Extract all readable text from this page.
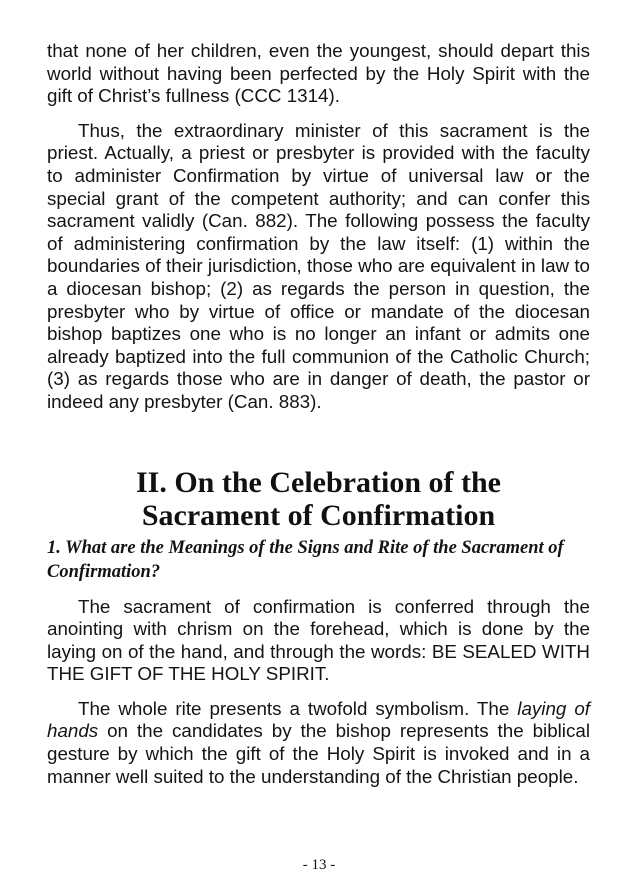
that none of her children, even the youngest, should depart this world without having been perfected by the Holy Spirit with the gift of Christ’s fullness (CCC 1314).

Thus, the extraordinary minister of this sacrament is the priest. Actually, a priest or presbyter is provided with the faculty to administer Confirmation by virtue of universal law or the special grant of the competent authority; and can confer this sacrament validly (Can. 882). The following possess the faculty of administering confirmation by the law itself: (1) within the boundaries of their jurisdiction, those who are equivalent in law to a diocesan bishop; (2) as regards the person in question, the presbyter who by virtue of office or mandate of the diocesan bishop baptizes one who is no longer an infant or admits one already baptized into the full communion of the Catholic Church; (3) as regards those who are in danger of death, the pastor or indeed any presbyter (Can. 883).

II. On the Celebration of the
Sacrament of Confirmation
1. What are the Meanings of the Signs and Rite of the Sacrament of Confirmation?

The sacrament of confirmation is conferred through the anointing with chrism on the forehead, which is done by the laying on of the hand, and through the words: BE SEALED WITH THE GIFT OF THE HOLY SPIRIT.

The whole rite presents a twofold symbolism. The laying of hands on the candidates by the bishop represents the biblical gesture by which the gift of the Holy Spirit is invoked and in a manner well suited to the understanding of the Christian people.

- 13 -
